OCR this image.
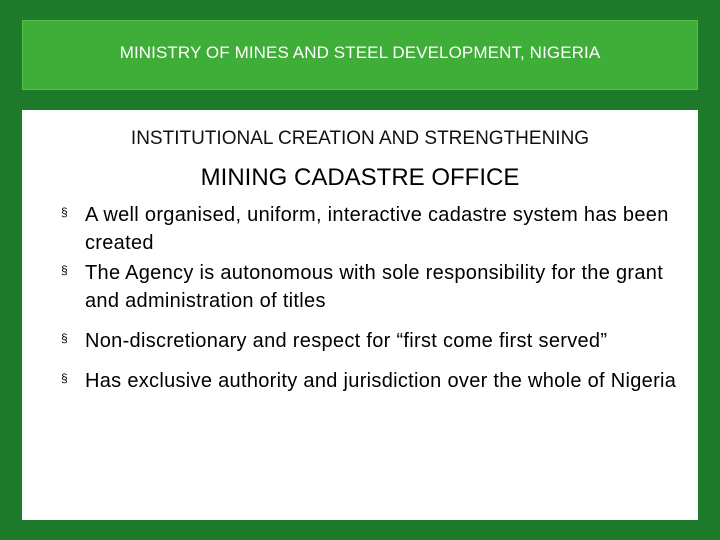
MINISTRY OF MINES AND STEEL DEVELOPMENT, NIGERIA
INSTITUTIONAL CREATION AND STRENGTHENING
MINING CADASTRE OFFICE
§ A well organised, uniform, interactive cadastre system has been created
§ The Agency is autonomous with sole responsibility for the grant and administration of titles
§ Non-discretionary and respect for “first come first served”
§ Has exclusive authority and jurisdiction over the whole of Nigeria
